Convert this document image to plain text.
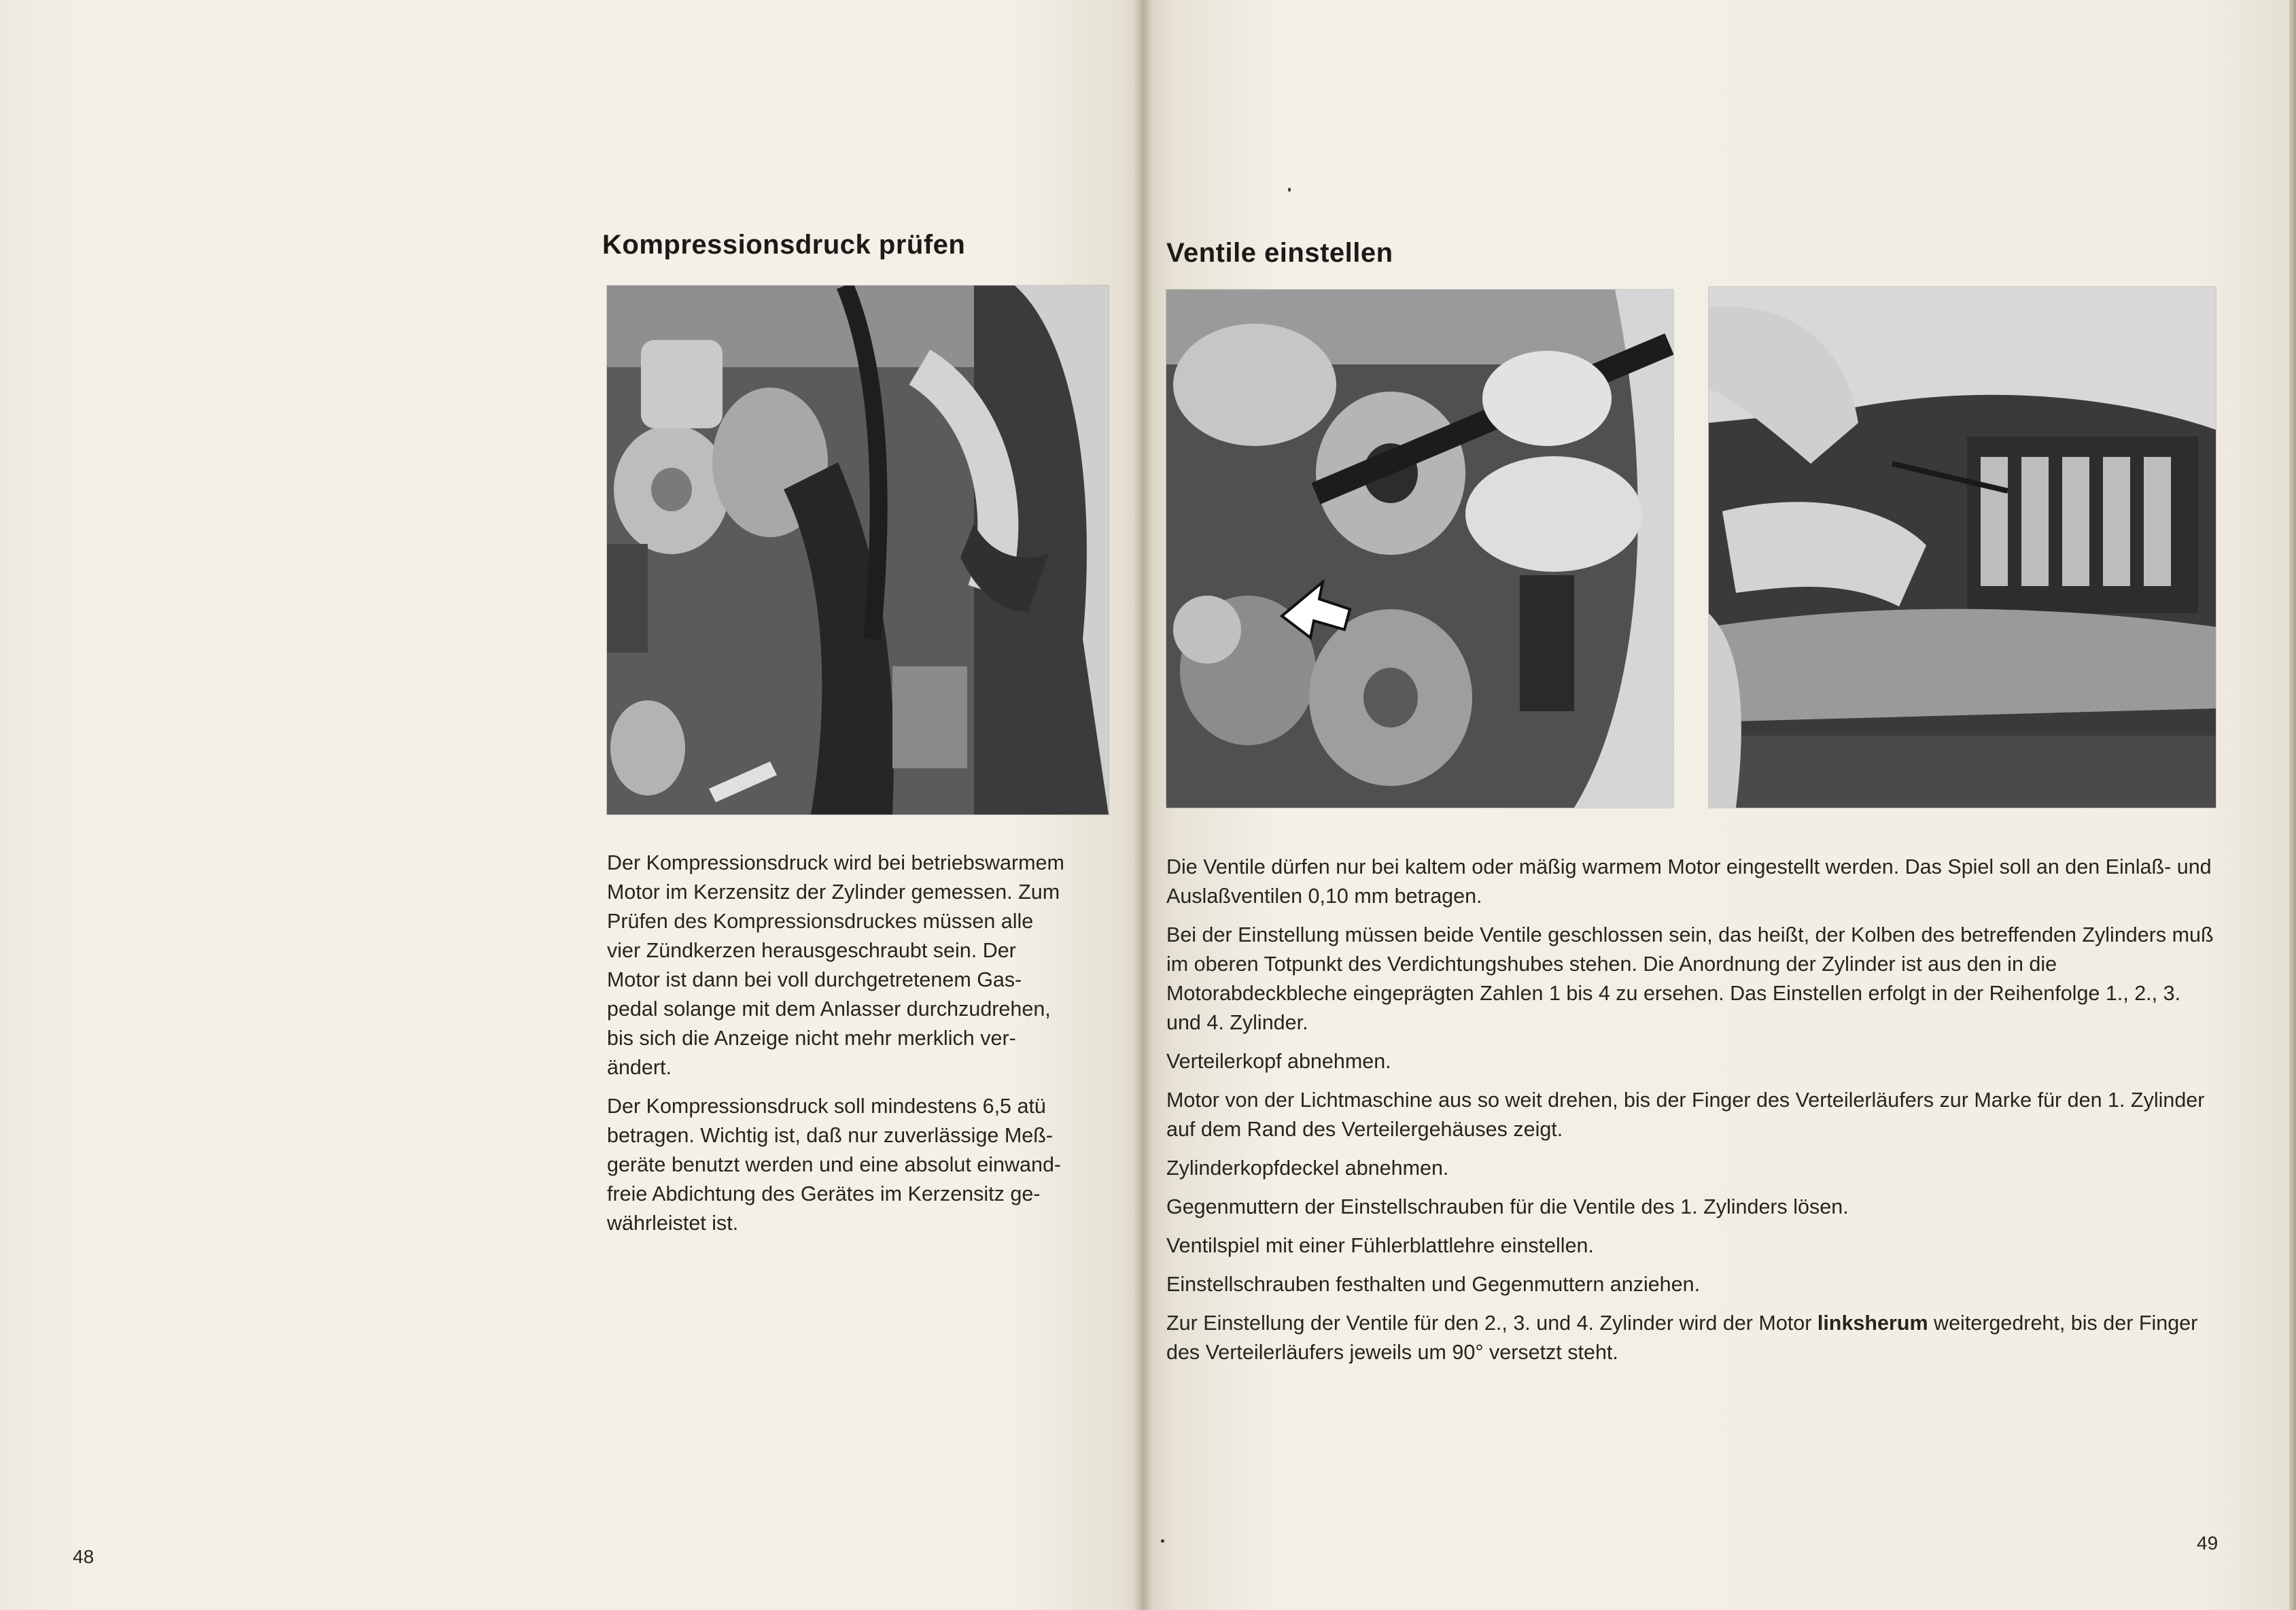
Kompressionsdruck prüfen

Der Kompressionsdruck wird bei betriebswarmem
Motor im Kerzensitz der Zylinder gemessen. Zum
Prüfen des Kompressionsdruckes müssen alle
vier Zündkerzen herausgeschraubt sein. Der
Motor ist dann bei voll durchgetretenem Gas-
pedal solange mit dem Anlasser durchzudrehen,
bis sich die Anzeige nicht mehr merklich ver-
ändert.

Der Kompressionsdruck soll mindestens 6,5 atü
betragen. Wichtig ist, daß nur zuverlässige Meß-
geräte benutzt werden und eine absolut einwand-
freie Abdichtung des Gerätes im Kerzensitz ge-
währleistet ist.

48
Ventile einstellen

Die Ventile dürfen nur bei kaltem oder mäßig warmem Motor eingestellt werden. Das Spiel soll an den Einlaß- und Auslaßventilen 0,10 mm betragen.

Bei der Einstellung müssen beide Ventile geschlossen sein, das heißt, der Kolben des betreffenden Zylinders muß im oberen Totpunkt des Verdichtungshubes stehen. Die Anordnung der Zylinder ist aus den in die Motorabdeckbleche eingeprägten Zahlen 1 bis 4 zu ersehen. Das Einstellen erfolgt in der Reihenfolge 1., 2., 3. und 4. Zylinder.

Verteilerkopf abnehmen.

Motor von der Lichtmaschine aus so weit drehen, bis der Finger des Verteilerläufers zur Marke für den 1. Zylinder auf dem Rand des Verteilergehäuses zeigt.

Zylinderkopfdeckel abnehmen.

Gegenmuttern der Einstellschrauben für die Ventile des 1. Zylinders lösen.

Ventilspiel mit einer Fühlerblattlehre einstellen.

Einstellschrauben festhalten und Gegenmuttern anziehen.

Zur Einstellung der Ventile für den 2., 3. und 4. Zylinder wird der Motor linksherum weitergedreht, bis der Finger des Verteilerläufers jeweils um 90° versetzt steht.

49
